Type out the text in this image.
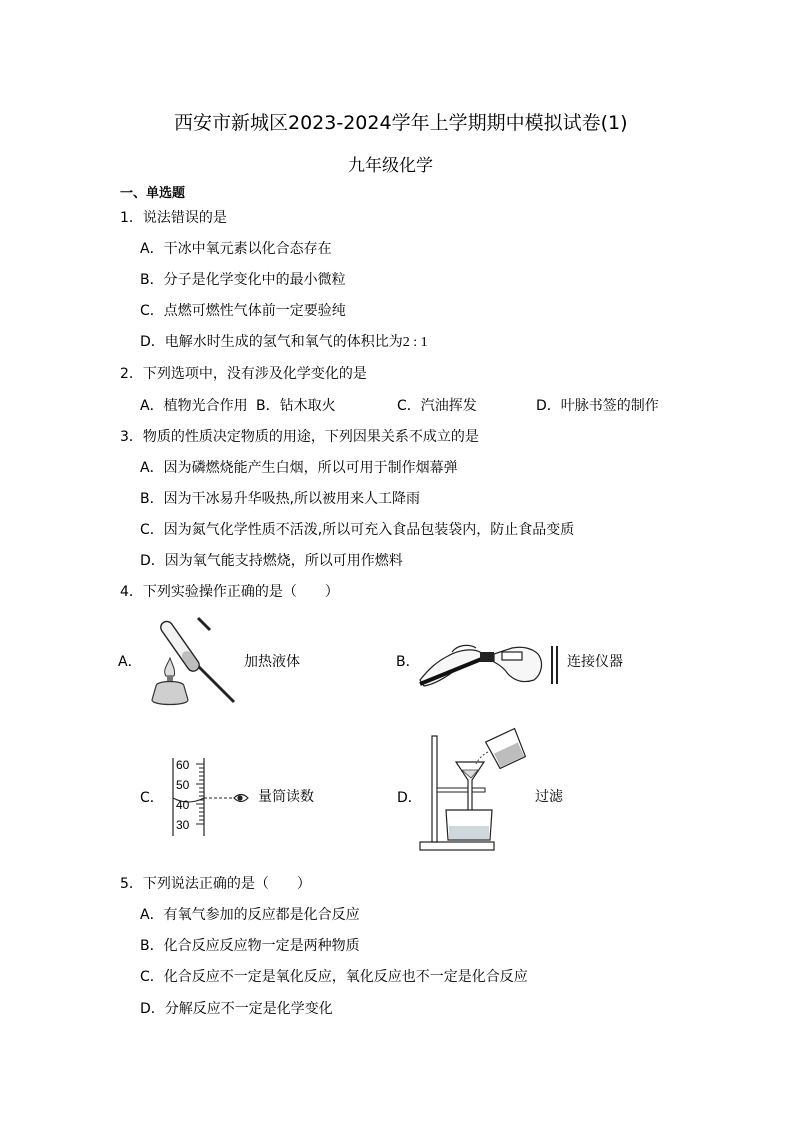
西安市新城区2023-2024学年上学期期中模拟试卷(1)
九年级化学
一、单选题
1．说法错误的是
A．干冰中氧元素以化合态存在
B．分子是化学变化中的最小微粒
C．点燃可燃性气体前一定要验纯
D．电解水时生成的氢气和氧气的体积比为2 : 1
2．下列选项中，没有涉及化学变化的是
A．植物光合作用 B．钻木取火	C．汽油挥发	D．叶脉书签的制作
3．物质的性质决定物质的用途，下列因果关系不成立的是
A．因为磷燃烧能产生白烟，所以可用于制作烟幕弹
B．因为干冰易升华吸热,所以被用来人工降雨
C．因为氮气化学性质不活泼,所以可充入食品包装袋内，防止食品变质
D．因为氧气能支持燃烧，所以可用作燃料
4．下列实验操作正确的是（　　）
A．	加热液体	B．	连接仪器
C．
60
50
40
30
量筒读数	D．	过滤
5．下列说法正确的是（　　）
A．有氧气参加的反应都是化合反应
B．化合反应反应物一定是两种物质
C．化合反应不一定是氧化反应，氧化反应也不一定是化合反应
D．分解反应不一定是化学变化
